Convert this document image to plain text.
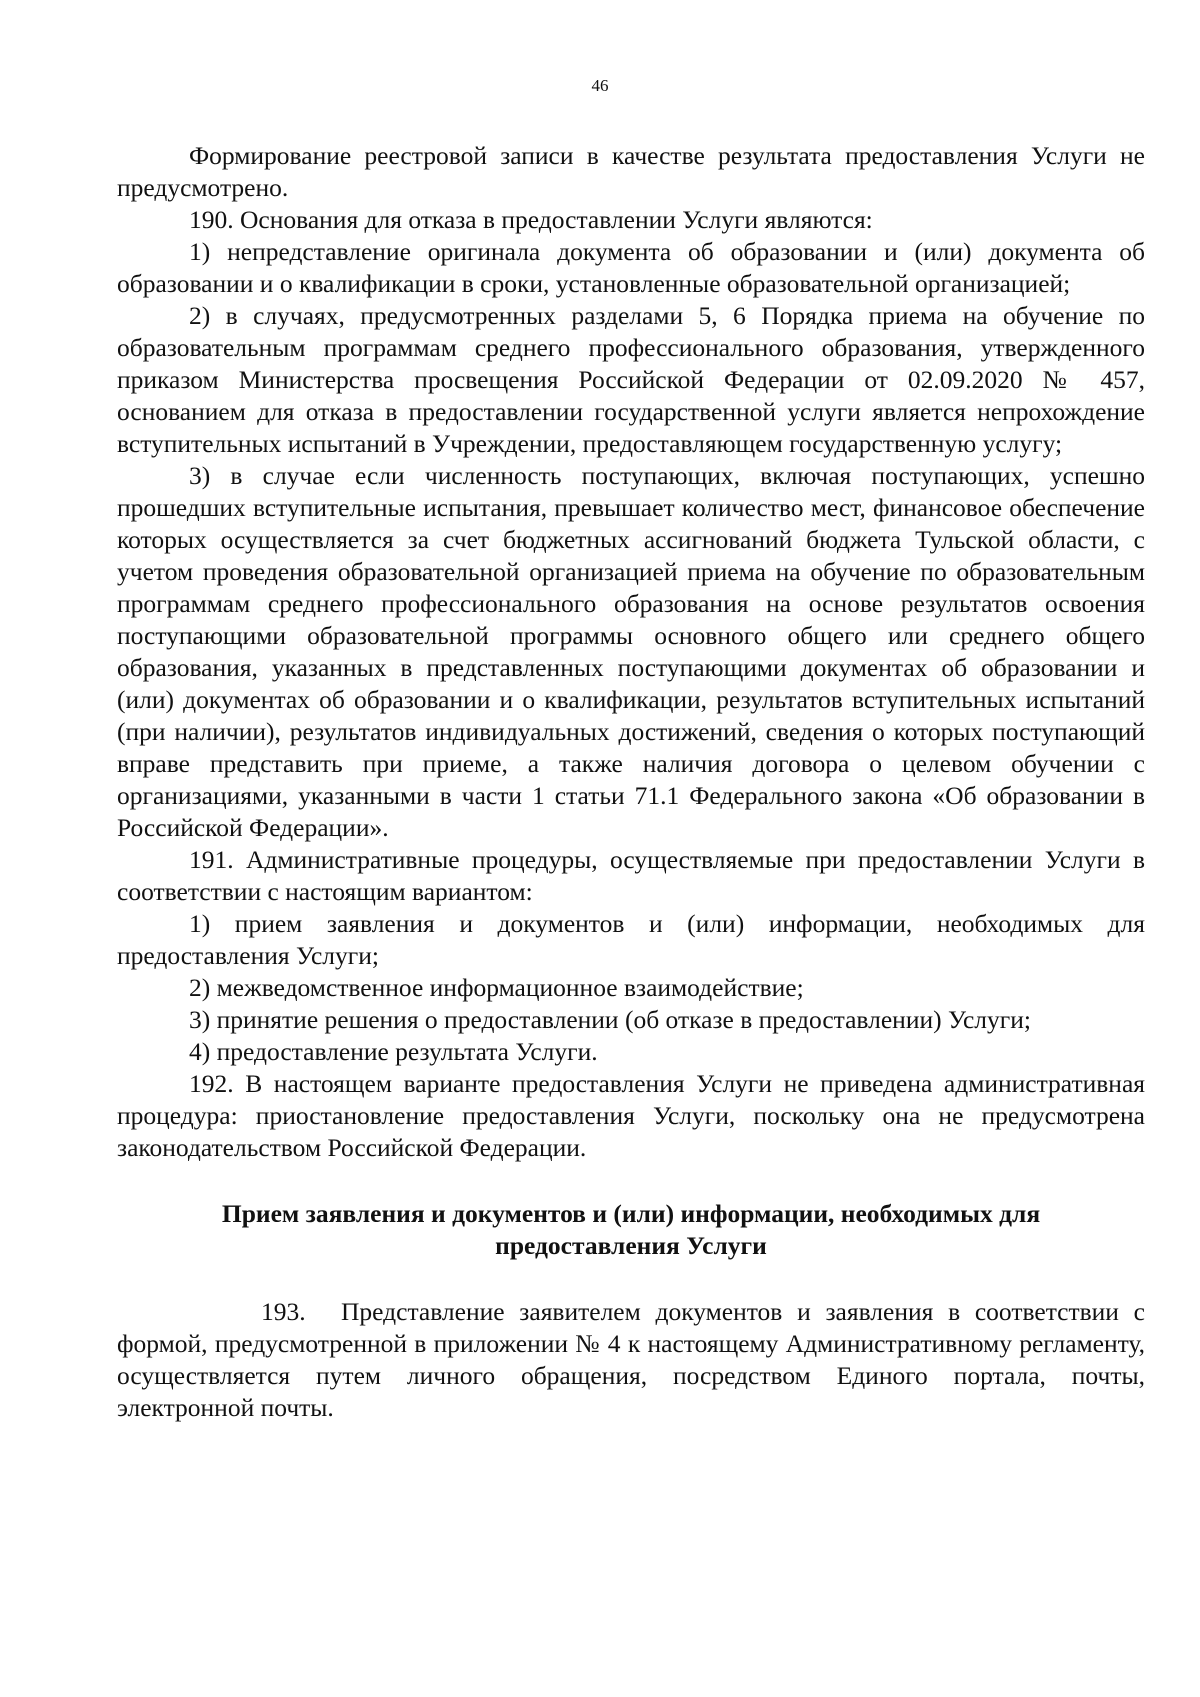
46

Формирование реестровой записи в качестве результата предоставления Услуги не предусмотрено.

190. Основания для отказа в предоставлении Услуги являются:

1) непредставление оригинала документа об образовании и (или) документа об образовании и о квалификации в сроки, установленные образовательной организацией;

2) в случаях, предусмотренных разделами 5, 6 Порядка приема на обучение по образовательным программам среднего профессионального образования, утвержденного приказом Министерства просвещения Российской Федерации от 02.09.2020 № 457, основанием для отказа в предоставлении государственной услуги является непрохождение вступительных испытаний в Учреждении, предоставляющем государственную услугу;

3) в случае если численность поступающих, включая поступающих, успешно прошедших вступительные испытания, превышает количество мест, финансовое обеспечение которых осуществляется за счет бюджетных ассигнований бюджета Тульской области, с учетом проведения образовательной организацией приема на обучение по образовательным программам среднего профессионального образования на основе результатов освоения поступающими образовательной программы основного общего или среднего общего образования, указанных в представленных поступающими документах об образовании и (или) документах об образовании и о квалификации, результатов вступительных испытаний (при наличии), результатов индивидуальных достижений, сведения о которых поступающий вправе представить при приеме, а также наличия договора о целевом обучении с организациями, указанными в части 1 статьи 71.1 Федерального закона «Об образовании в Российской Федерации».

191. Административные процедуры, осуществляемые при предоставлении Услуги в соответствии с настоящим вариантом:

1) прием заявления и документов и (или) информации, необходимых для предоставления Услуги;

2) межведомственное информационное взаимодействие;

3) принятие решения о предоставлении (об отказе в предоставлении) Услуги;

4) предоставление результата Услуги.

192. В настоящем варианте предоставления Услуги не приведена административная процедура: приостановление предоставления Услуги, поскольку она не предусмотрена законодательством Российской Федерации.

Прием заявления и документов и (или) информации, необходимых для
предоставления Услуги

193. Представление заявителем документов и заявления в соответствии с формой, предусмотренной в приложении № 4 к настоящему Административному регламенту, осуществляется путем личного обращения, посредством Единого портала, почты, электронной почты.
